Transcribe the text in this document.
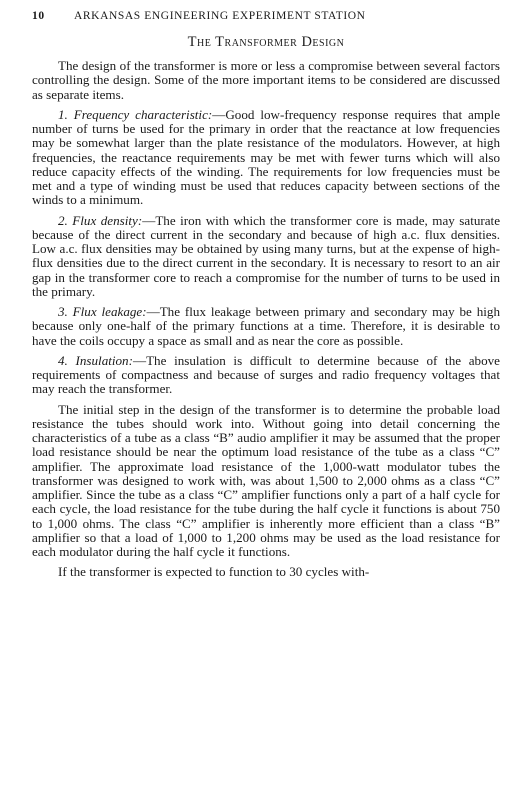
10	ARKANSAS ENGINEERING EXPERIMENT STATION
The Transformer Design

The design of the transformer is more or less a compromise between several factors controlling the design. Some of the more important items to be considered are discussed as separate items.

1. Frequency characteristic:—Good low-frequency response requires that ample number of turns be used for the primary in order that the reactance at low frequencies may be somewhat larger than the plate resistance of the modulators. However, at high frequencies, the reactance requirements may be met with fewer turns which will also reduce capacity effects of the winding. The requirements for low frequencies must be met and a type of winding must be used that reduces capacity between sections of the winds to a minimum.

2. Flux density:—The iron with which the transformer core is made, may saturate because of the direct current in the secondary and because of high a.c. flux densities. Low a.c. flux densities may be obtained by using many turns, but at the expense of high-flux densities due to the direct current in the secondary. It is necessary to resort to an air gap in the transformer core to reach a compromise for the number of turns to be used in the primary.

3. Flux leakage:—The flux leakage between primary and secondary may be high because only one-half of the primary functions at a time. Therefore, it is desirable to have the coils occupy a space as small and as near the core as possible.

4. Insulation:—The insulation is difficult to determine because of the above requirements of compactness and because of surges and radio frequency voltages that may reach the transformer.

The initial step in the design of the transformer is to determine the probable load resistance the tubes should work into. Without going into detail concerning the characteristics of a tube as a class “B” audio amplifier it may be assumed that the proper load resistance should be near the optimum load resistance of the tube as a class “C” amplifier. The approximate load resistance of the 1,000-watt modulator tubes the transformer was designed to work with, was about 1,500 to 2,000 ohms as a class “C” amplifier. Since the tube as a class “C” amplifier functions only a part of a half cycle for each cycle, the load resistance for the tube during the half cycle it functions is about 750 to 1,000 ohms. The class “C” amplifier is inherently more efficient than a class “B” amplifier so that a load of 1,000 to 1,200 ohms may be used as the load resistance for each modulator during the half cycle it functions.

If the transformer is expected to function to 30 cycles with-
